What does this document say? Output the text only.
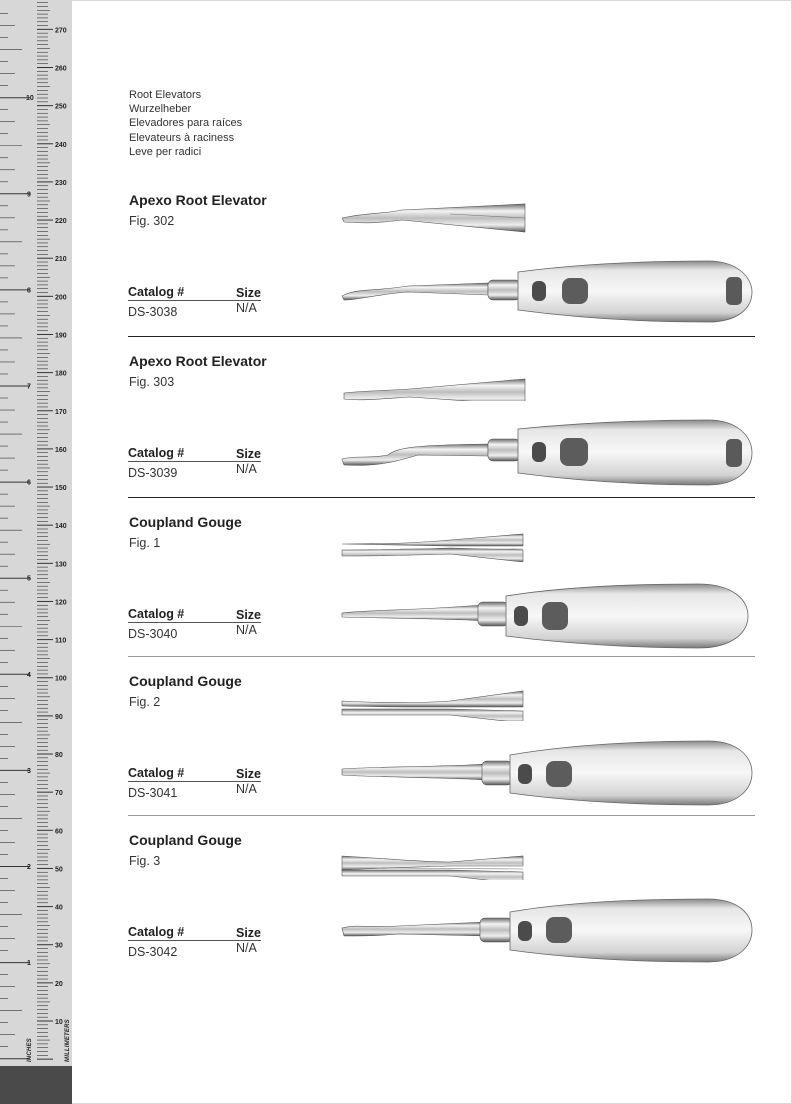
270
260
250
240
230
220
210
200
190
180
170
160
150
140
130
120
110
100
90
80
70
60
50
40
30
20
10
10
9
8
7
6
5
4
3
2
1
INCHES	MILLIMETERS
Root Elevators
Wurzelheber
Elevadores para raíces
Elevateurs à raciness
Leve per radici
Apexo Root Elevator
Fig. 302
Catalog #	Size
DS-3038	N/A
Apexo Root Elevator
Fig. 303
Catalog #	Size
DS-3039	N/A
Coupland Gouge
Fig. 1
Catalog #	Size
DS-3040	N/A
Coupland Gouge
Fig. 2
Catalog #	Size
DS-3041	N/A
Coupland Gouge
Fig. 3
Catalog #	Size
DS-3042	N/A
